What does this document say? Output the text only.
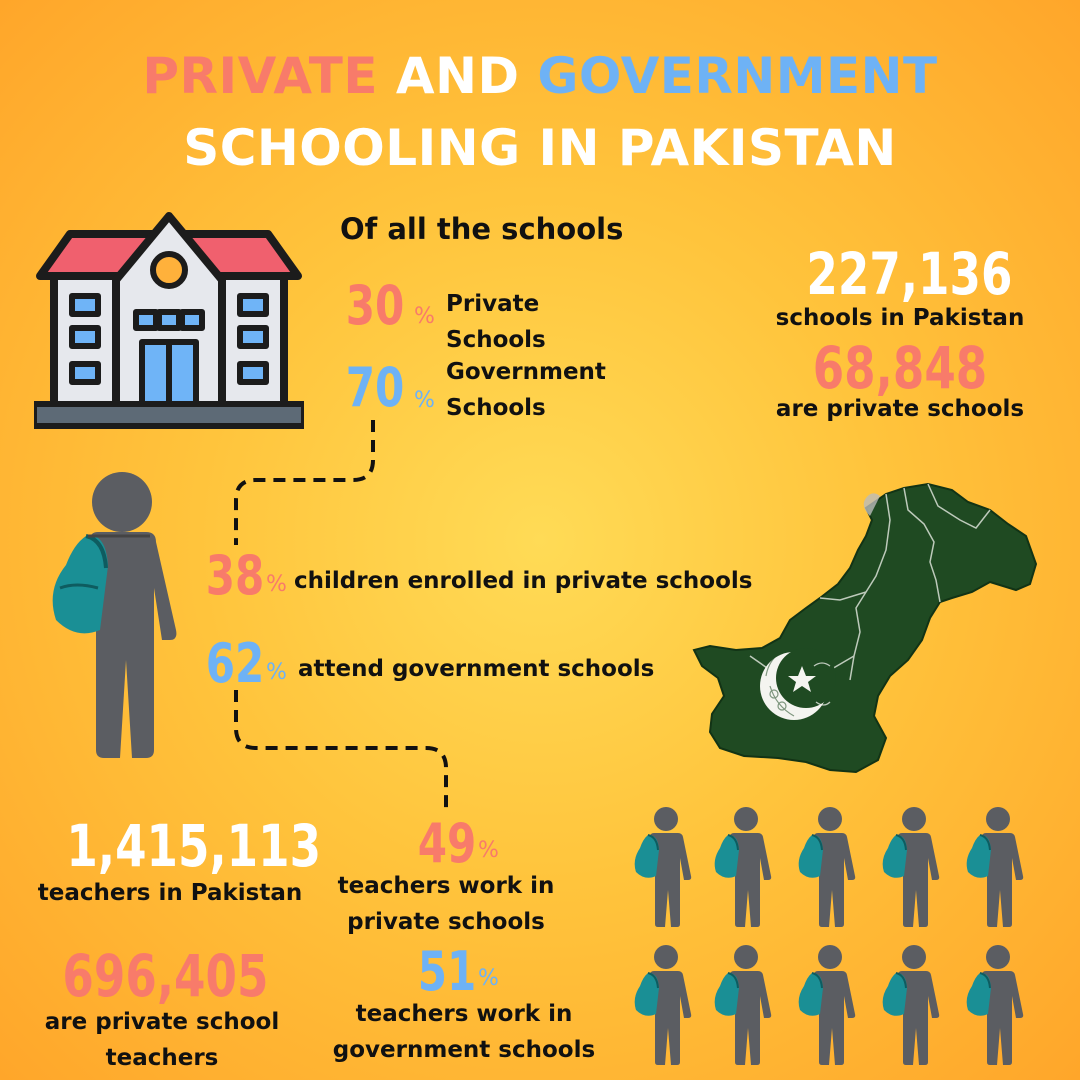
PRIVATE AND GOVERNMENT
SCHOOLING IN PAKISTAN
Of all the schools
30 % Private
Schools
70 %
Government
Schools
227,136
schools in Pakistan
68,848
are private schools
38 % children enrolled in private schools
62 % attend government schools
1,415,113
teachers in Pakistan
696,405
are private school
teachers
49 %
teachers work in
private schools
51 %
teachers work in
government schools
